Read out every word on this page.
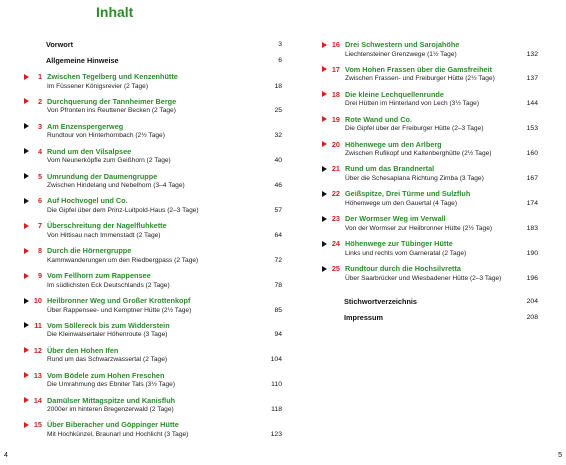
Inhalt
Vorwort	3
Allgemeine Hinweise	6
1 Zwischen Tegelberg und Kenzenhütte
Im Füssener Königsrevier (2 Tage)	18
2 Durchquerung der Tannheimer Berge
Von Pfronten ins Reuttener Becken (2 Tage)	25
3 Am Enzenspergerweg
Rundtour von Hinterhornbach (2½ Tage)	32
4 Rund um den Vilsalpsee
Vom Neunerköpfle zum Geißhorn (2 Tage)	40
5 Umrundung der Daumengruppe
Zwischen Hindelang und Nebelhorn (3–4 Tage)	46
6 Auf Hochvogel und Co.
Die Gipfel über dem Prinz-Luitpold-Haus (2–3 Tage)	57
7 Überschreitung der Nagelfluhkette
Von Hittisau nach Immenstadt (2 Tage)	64
8 Durch die Hörnergruppe
Kammwanderungen um den Riedbergpass (2 Tage)	72
9 Vom Fellhorn zum Rappensee
Im südlichsten Eck Deutschlands (2 Tage)	78
10 Heilbronner Weg und Großer Krottenkopf
Über Rappensee- und Kemptner Hütte (2½ Tage)	85
11 Vom Söllereck bis zum Widderstein
Die Kleinwalsertaler Höhenroute (3 Tage)	94
12 Über den Hohen Ifen
Rund um das Schwarzwassertal (2 Tage)	104
13 Vom Bödele zum Hohen Freschen
Die Umrahmung des Ebniter Tals (3½ Tage)	110
14 Damülser Mittagspitze und Kanisfluh
2000er im hinteren Bregenzerwald (2 Tage)	118
15 Über Biberacher und Göppinger Hütte
Mit Hochkünzel, Braunarl und Hochlicht (3 Tage)	123
16 Drei Schwestern und Sarojahöhe
Liechtensteiner Grenzwege (1½ Tage)	132
17 Vom Hohen Frassen über die Gamsfreiheit
Zwischen Frassen- und Freiburger Hütte (2½ Tage)	137
18 Die kleine Lechquellenrunde
Drei Hütten im Hinterland von Lech (3½ Tage)	144
19 Rote Wand und Co.
Die Gipfel über der Freiburger Hütte (2–3 Tage)	153
20 Höhenwege um den Arlberg
Zwischen Rufikopf und Kaltenberghütte (2½ Tage)	160
21 Rund um das Brandnertal
Über die Schesaplana Richtung Zimba (3 Tage)	167
22 Geißspitze, Drei Türme und Sulzfluh
Höhenwege um den Gauertal (4 Tage)	174
23 Der Wormser Weg im Verwall
Von der Wormser zur Heilbronner Hütte (2½ Tage)	183
24 Höhenwege zur Tübinger Hütte
Links und rechts vom Garneratal (2 Tage)	190
25 Rundtour durch die Hochsilvretta
Über Saarbrücker und Wiesbadener Hütte (2–3 Tage)	196
Stichwortverzeichnis	204
Impressum	208
4	5
